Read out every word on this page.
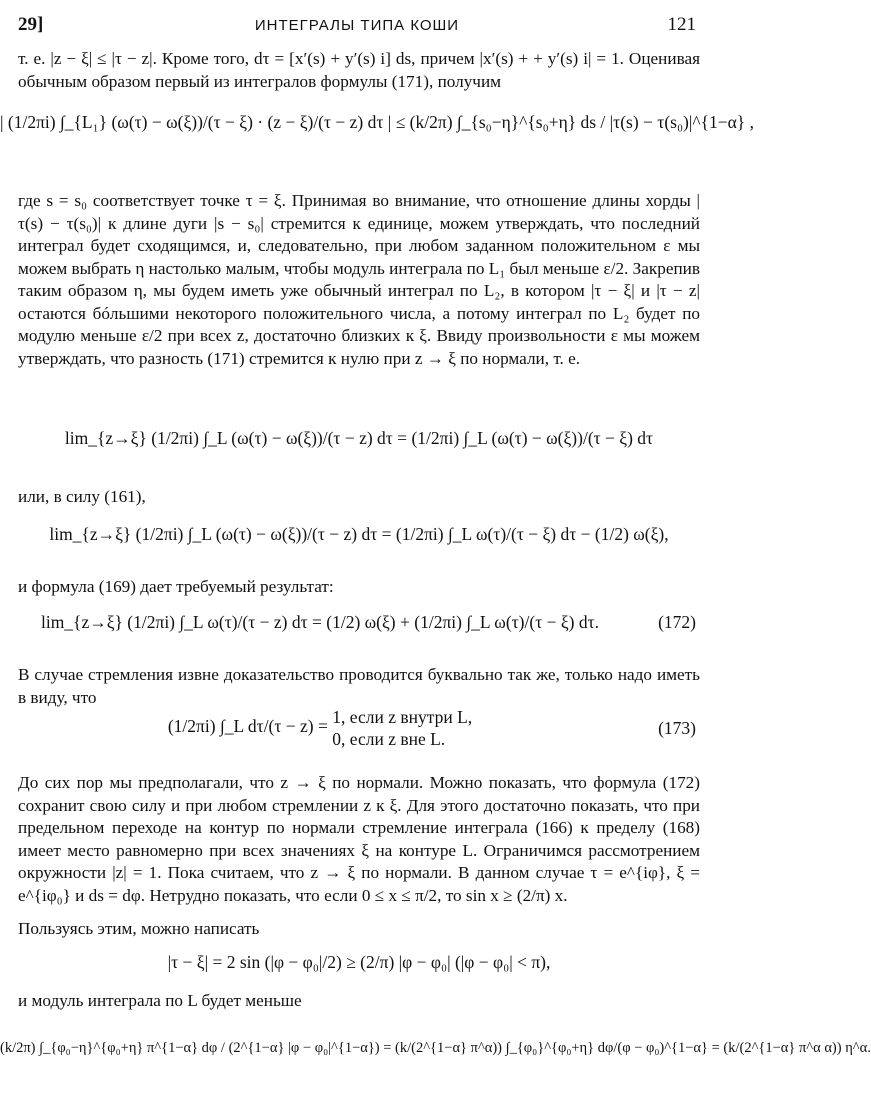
29]	ИНТЕГРАЛЫ ТИПА КОШИ	121

т. е. |z − ξ| ≤ |τ − z|. Кроме того, dτ = [x′(s) + y′(s) i] ds, причем |x′(s) + + y′(s) i| = 1. Оценивая обычным образом первый из интегралов формулы (171), получим

| (1/2πi) ∫_{L₁} (ω(τ) − ω(ξ))/(τ − ξ) · (z − ξ)/(τ − z) dτ | ≤ (k/2π) ∫_{s₀−η}^{s₀+η} ds / |τ(s) − τ(s₀)|^{1−α} ,

где s = s₀ соответствует точке τ = ξ. Принимая во внимание, что отношение длины хорды |τ(s) − τ(s₀)| к длине дуги |s − s₀| стремится к единице, можем утверждать, что последний интеграл будет сходящимся, и, следовательно, при любом заданном положительном ε мы можем выбрать η настолько малым, чтобы модуль интеграла по L₁ был меньше ε/2. Закрепив таким образом η, мы будем иметь уже обычный интеграл по L₂, в котором |τ − ξ| и |τ − z| остаются бóльшими некоторого положительного числа, а потому интеграл по L₂ будет по модулю меньше ε/2 при всех z, достаточно близких к ξ. Ввиду произвольности ε мы можем утверждать, что разность (171) стремится к нулю при z → ξ по нормали, т. е.

lim_{z→ξ} (1/2πi) ∫_L (ω(τ) − ω(ξ))/(τ − z) dτ = (1/2πi) ∫_L (ω(τ) − ω(ξ))/(τ − ξ) dτ

или, в силу (161),

lim_{z→ξ} (1/2πi) ∫_L (ω(τ) − ω(ξ))/(τ − z) dτ = (1/2πi) ∫_L ω(τ)/(τ − ξ) dτ − (1/2) ω(ξ),

и формула (169) дает требуемый результат:

lim_{z→ξ} (1/2πi) ∫_L ω(τ)/(τ − z) dτ = (1/2) ω(ξ) + (1/2πi) ∫_L ω(τ)/(τ − ξ) dτ.	(172)

В случае стремления извне доказательство проводится буквально так же, только надо иметь в виду, что

(1/2πi) ∫_L dτ/(τ − z) = 1, если z внутри L,
0, если z вне L.
(173)

До сих пор мы предполагали, что z → ξ по нормали. Можно показать, что формула (172) сохранит свою силу и при любом стремлении z к ξ. Для этого достаточно показать, что при предельном переходе на контур по нормали стремление интеграла (166) к пределу (168) имеет место равномерно при всех значениях ξ на контуре L. Ограничимся рассмотрением окружности |z| = 1. Пока считаем, что z → ξ по нормали. В данном случае τ = e^{iφ}, ξ = e^{iφ₀} и ds = dφ. Нетрудно показать, что если 0 ≤ x ≤ π/2, то sin x ≥ (2/π) x.

Пользуясь этим, можно написать

|τ − ξ| = 2 sin (|φ − φ₀|/2) ≥ (2/π) |φ − φ₀| (|φ − φ₀| < π),

и модуль интеграла по L будет меньше

(k/2π) ∫_{φ₀−η}^{φ₀+η} π^{1−α} dφ / (2^{1−α} |φ − φ₀|^{1−α}) = (k/(2^{1−α} π^α)) ∫_{φ₀}^{φ₀+η} dφ/(φ − φ₀)^{1−α} = (k/(2^{1−α} π^α α)) η^α.
